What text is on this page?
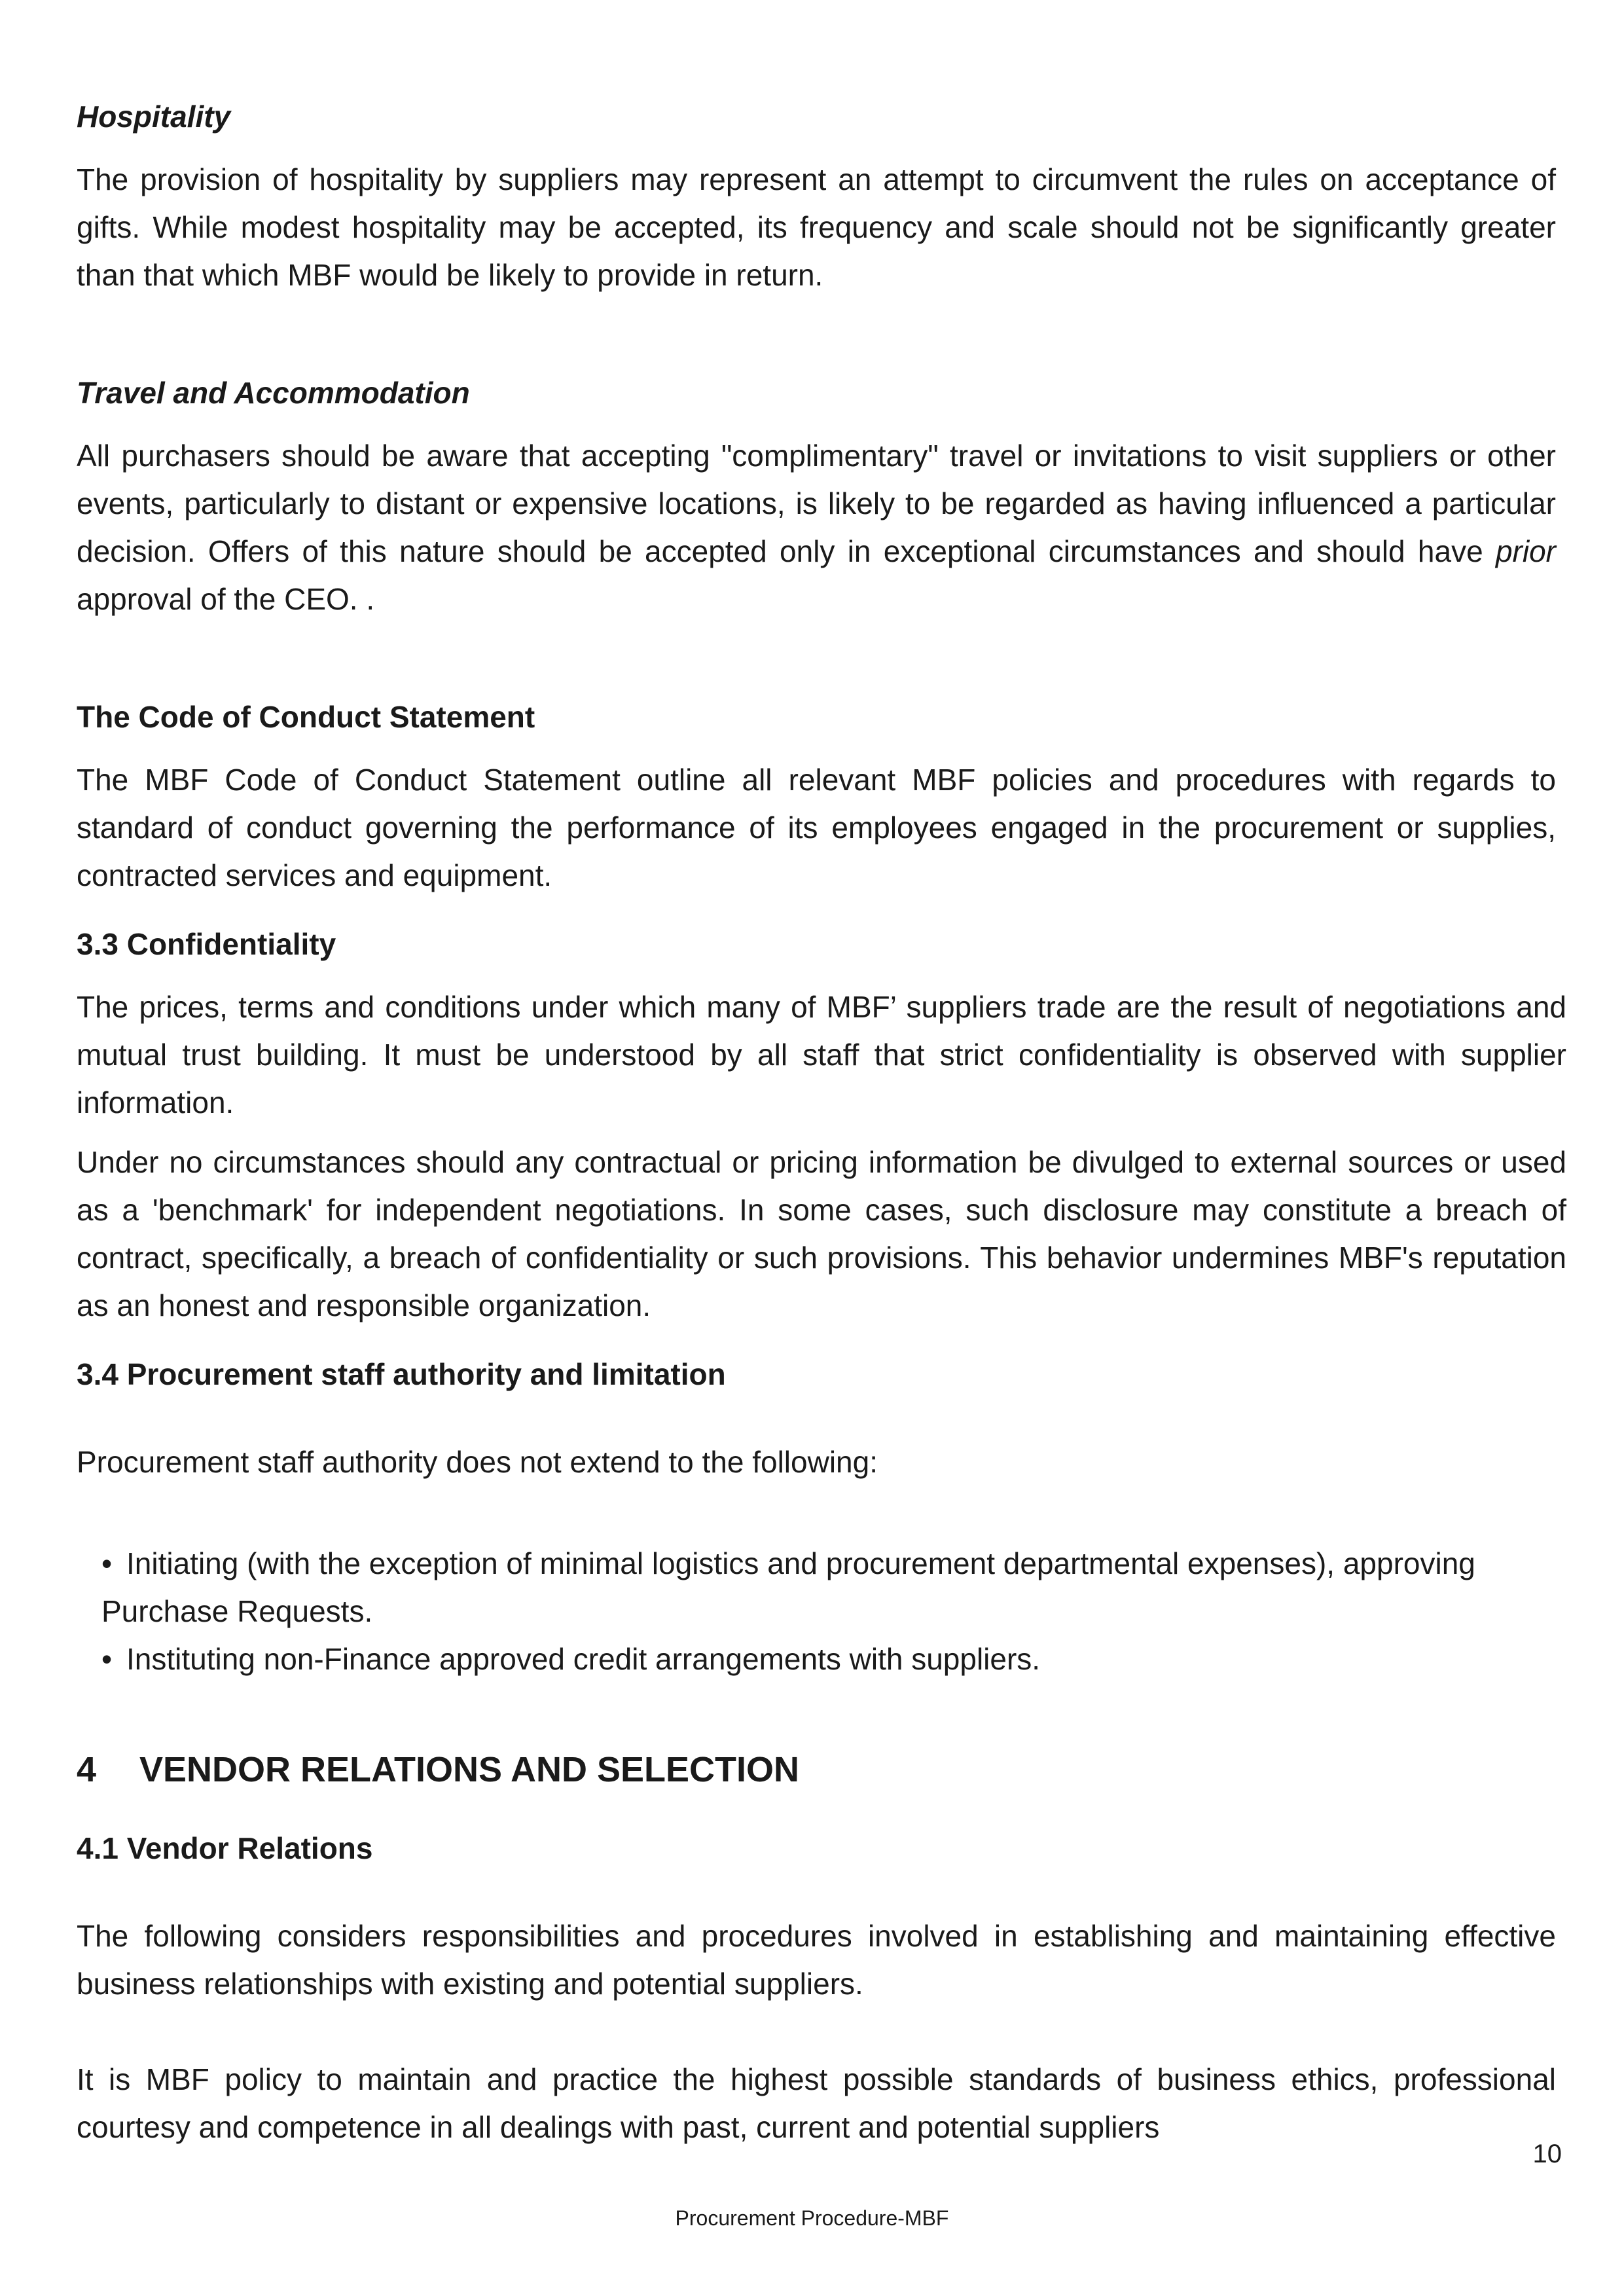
Hospitality

The provision of hospitality by suppliers may represent an attempt to circumvent the rules on acceptance of gifts. While modest hospitality may be accepted, its frequency and scale should not be significantly greater than that which MBF would be likely to provide in return.

Travel and Accommodation

All purchasers should be aware that accepting "complimentary" travel or invitations to visit suppliers or other events, particularly to distant or expensive locations, is likely to be regarded as having influenced a particular decision. Offers of this nature should be accepted only in exceptional circumstances and should have prior approval of the CEO. .

The Code of Conduct Statement

The MBF Code of Conduct Statement outline all relevant MBF policies and procedures with regards to standard of conduct governing the performance of its employees engaged in the procurement or supplies, contracted services and equipment.

3.3 Confidentiality

The prices, terms and conditions under which many of MBF’ suppliers trade are the result of negotiations and mutual trust building. It must be understood by all staff that strict confidentiality is observed with supplier information.

Under no circumstances should any contractual or pricing information be divulged to external sources or used as a 'benchmark' for independent negotiations. In some cases, such disclosure may constitute a breach of contract, specifically, a breach of confidentiality or such provisions. This behavior undermines MBF's reputation      as an honest and responsible organization.

3.4 Procurement staff authority and limitation

Procurement staff authority does not extend to the following:

• Initiating (with the exception of minimal logistics and procurement departmental expenses), approving Purchase Requests.
• Instituting non-Finance approved credit arrangements with suppliers.
4 VENDOR RELATIONS AND SELECTION
4.1 Vendor Relations

The following considers responsibilities and procedures involved in establishing and maintaining effective business relationships with existing and potential suppliers.

It is MBF policy to maintain and practice the highest possible standards of business ethics, professional courtesy and competence in all dealings with past, current and potential suppliers

10
Procurement Procedure-MBF
